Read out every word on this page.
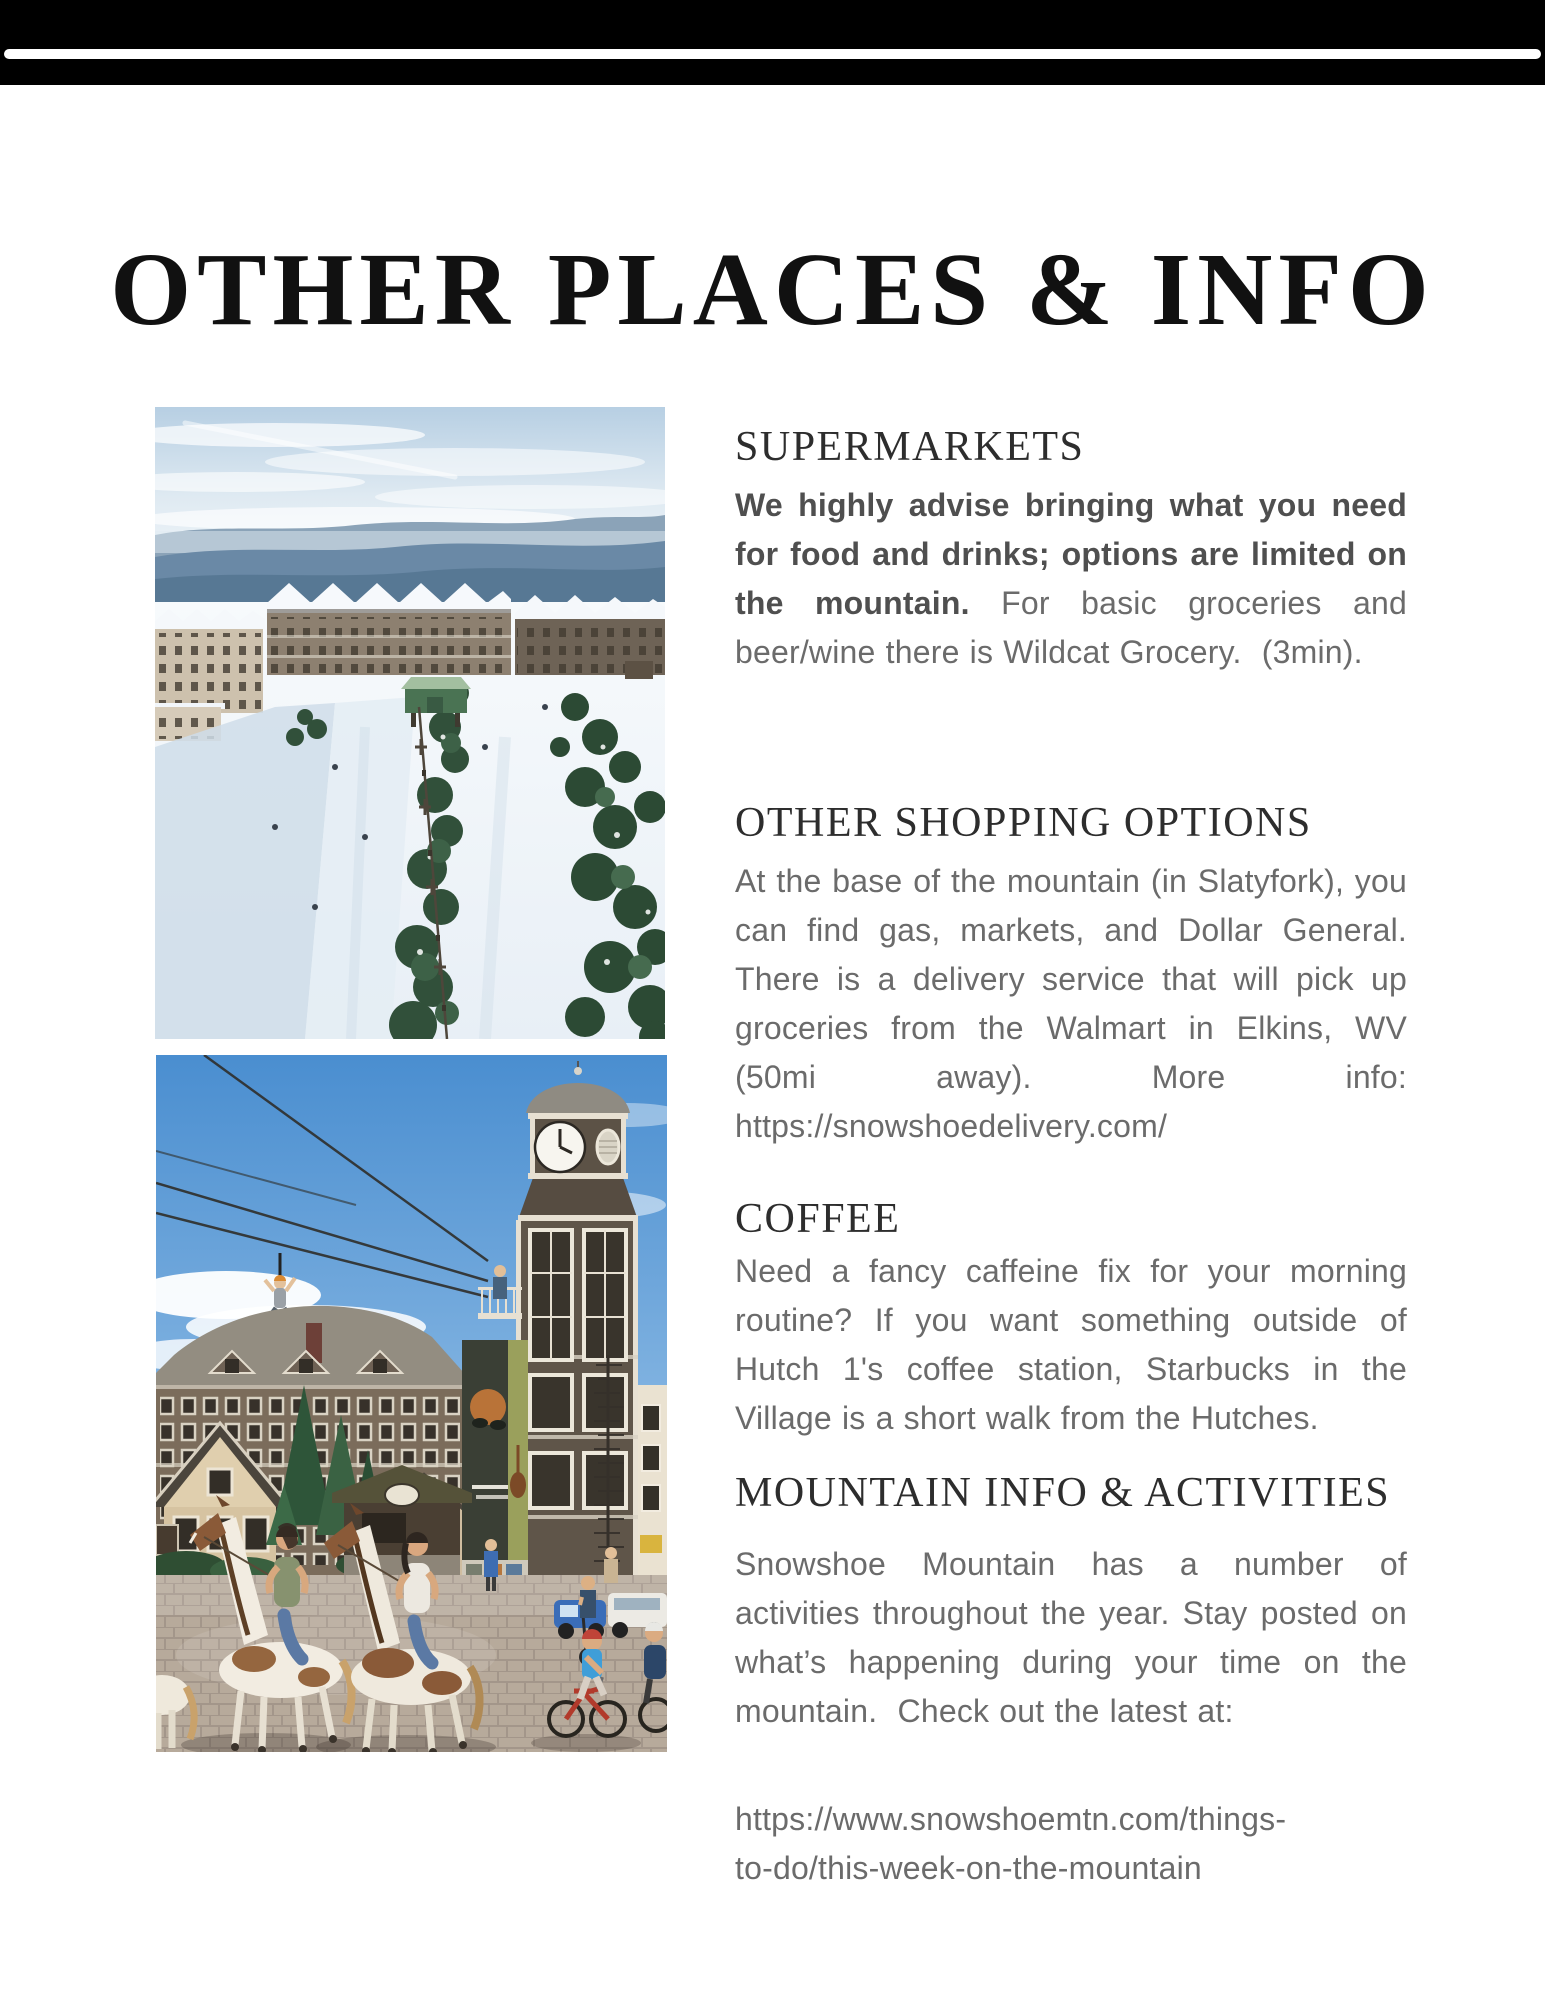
OTHER PLACES & INFO
SUPERMARKETS

We highly advise bringing what you need for food and drinks; options are limited on the mountain. For basic groceries and beer/wine there is Wildcat Grocery.  (3min).

OTHER SHOPPING OPTIONS

At the base of the mountain (in Slatyfork), you can find gas, markets, and Dollar General. There is a delivery service that will pick up groceries from the Walmart in Elkins, WV (50mi away). More info: https://snowshoedelivery.com/

COFFEE

Need a fancy caffeine fix for your morning routine? If you want something outside of Hutch 1's coffee station, Starbucks in the Village is a short walk from the Hutches.

MOUNTAIN INFO & ACTIVITIES

Snowshoe Mountain has a number of activities throughout the year. Stay posted on what’s happening during your time on the mountain.  Check out the latest at:

https://www.snowshoemtn.com/things-
to-do/this-week-on-the-mountain
